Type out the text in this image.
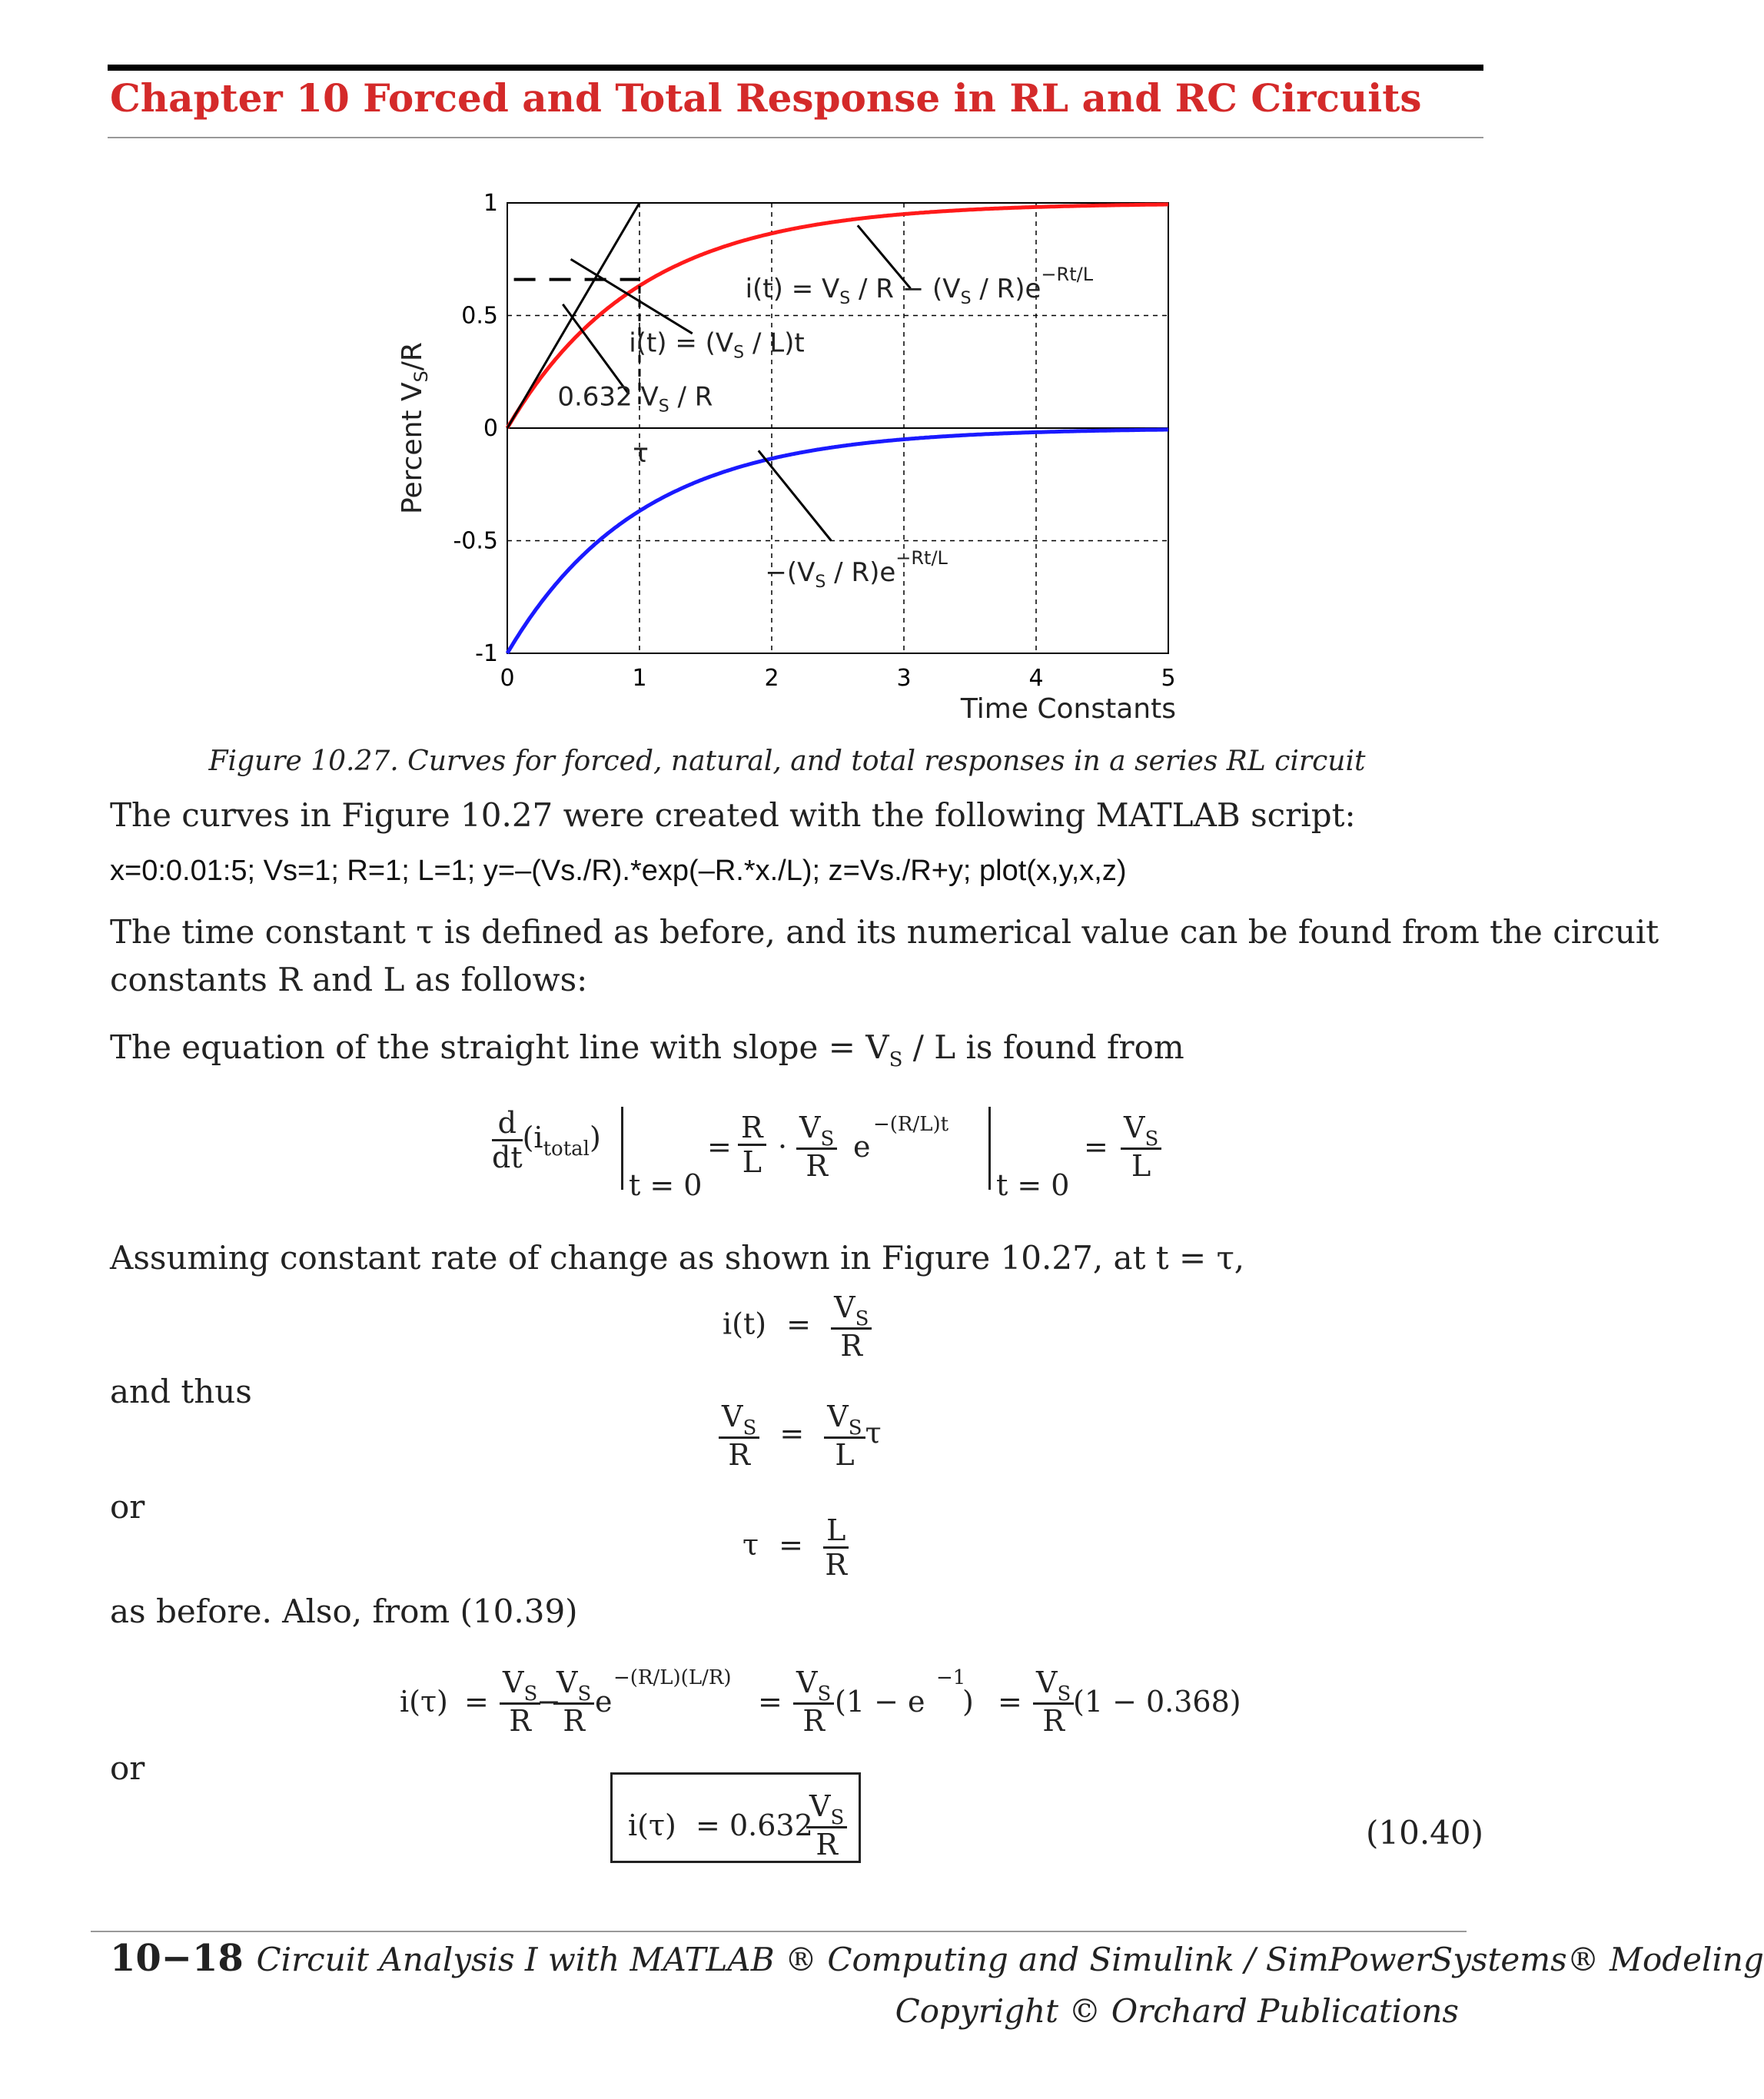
Chapter 10 Forced and Total Response in RL and RC Circuits
0	1	2	3	4	5
1
0.5
0
-0.5
-1
Time Constants
Percent $V_S/R$
$i(t) = V_S / R - (V_S / R)e^{-Rt/L}$
$i(t) = (V_S / L)t$
0.632 $V_S$ / R
τ
$-(V_S / R)e^{-Rt/L}$
Figure 10.27. Curves for forced, natural, and total responses in a series RL circuit
The curves in Figure 10.27 were created with the following MATLAB script:
x=0:0.01:5; Vs=1; R=1; L=1; y=–(Vs./R).*exp(–R.*x./L); z=Vs./R+y; plot(x,y,x,z)
The time constant τ is defined as before, and its numerical value can be found from the circuit
constants R and L as follows:
The equation of the straight line with slope = $V_S$ / L is found from
$\frac{d}{dt} (i_{total})$
t = 0
= $\frac{R}{L} \cdot \frac{V_S}{R}$ e
−(R/L)t
t = 0
= $\frac{V_S}{L}$
Assuming constant rate of change as shown in Figure 10.27, at t = τ,
$i(t) = \frac{V_S}{R}$
and thus
$\frac{V_S}{R} = \frac{V_S}{L}$ τ
or
$\tau = \frac{L}{R}$
as before. Also, from (10.39)
$i(\tau) = \frac{V_S}{R}$
−
$\frac{V_S}{R}$ e
−(R/L)(L/R)
= $\frac{V_S}{R} (1 - e$
−1
) = $\frac{V_S}{R}$
(1 − 0.368)
or
i(τ) = 0.632
$\frac{V_S}{R}$	(10.40)
10−18 Circuit Analysis I with MATLAB ® Computing and Simulink / SimPowerSystems® Modeling
Copyright © Orchard Publications
